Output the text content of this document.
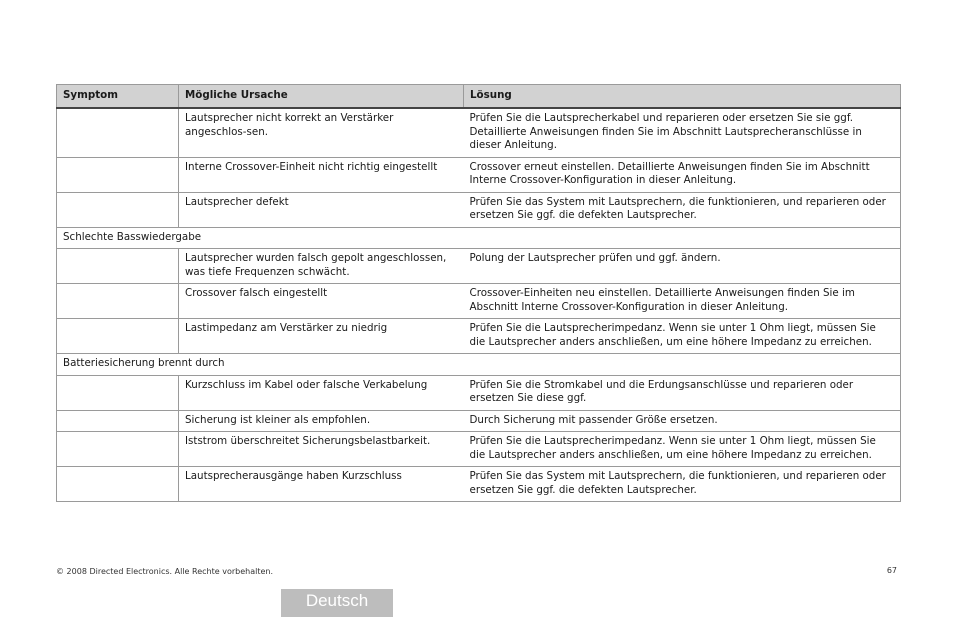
Symptom	Mögliche Ursache	Lösung
	Lautsprecher nicht korrekt an Verstärker angeschlos-sen.	Prüfen Sie die Lautsprecherkabel und reparieren oder ersetzen Sie sie ggf. Detaillierte Anweisungen finden Sie im Abschnitt Lautsprecheranschlüsse in dieser Anleitung.
	Interne Crossover-Einheit nicht richtig eingestellt	Crossover erneut einstellen. Detaillierte Anweisungen finden Sie im Abschnitt Interne Crossover-Konfiguration in dieser Anleitung.
	Lautsprecher defekt	Prüfen Sie das System mit Lautsprechern, die funktionieren, und reparieren oder ersetzen Sie ggf. die defekten Lautsprecher.
Schlechte Basswiedergabe		
	Lautsprecher wurden falsch gepolt angeschlossen, was tiefe Frequenzen schwächt.	Polung der Lautsprecher prüfen und ggf. ändern.
	Crossover falsch eingestellt	Crossover-Einheiten neu einstellen. Detaillierte Anweisungen finden Sie im Abschnitt Interne Crossover-Konfiguration in dieser Anleitung.
	Lastimpedanz am Verstärker zu niedrig	Prüfen Sie die Lautsprecherimpedanz. Wenn sie unter 1 Ohm liegt, müssen Sie die Lautsprecher anders anschließen, um eine höhere Impedanz zu erreichen.
Batteriesicherung brennt durch		
	Kurzschluss im Kabel oder falsche Verkabelung	Prüfen Sie die Stromkabel und die Erdungsanschlüsse und reparieren oder ersetzen Sie diese ggf.
	Sicherung ist kleiner als empfohlen.	Durch Sicherung mit passender Größe ersetzen.
	Iststrom überschreitet Sicherungsbelastbarkeit.	Prüfen Sie die Lautsprecherimpedanz. Wenn sie unter 1 Ohm liegt, müssen Sie die Lautsprecher anders anschließen, um eine höhere Impedanz zu erreichen.
	Lautsprecherausgänge haben Kurzschluss	Prüfen Sie das System mit Lautsprechern, die funktionieren, und reparieren oder ersetzen Sie ggf. die defekten Lautsprecher.
© 2008 Directed Electronics. Alle Rechte vorbehalten.	67
Deutsch
